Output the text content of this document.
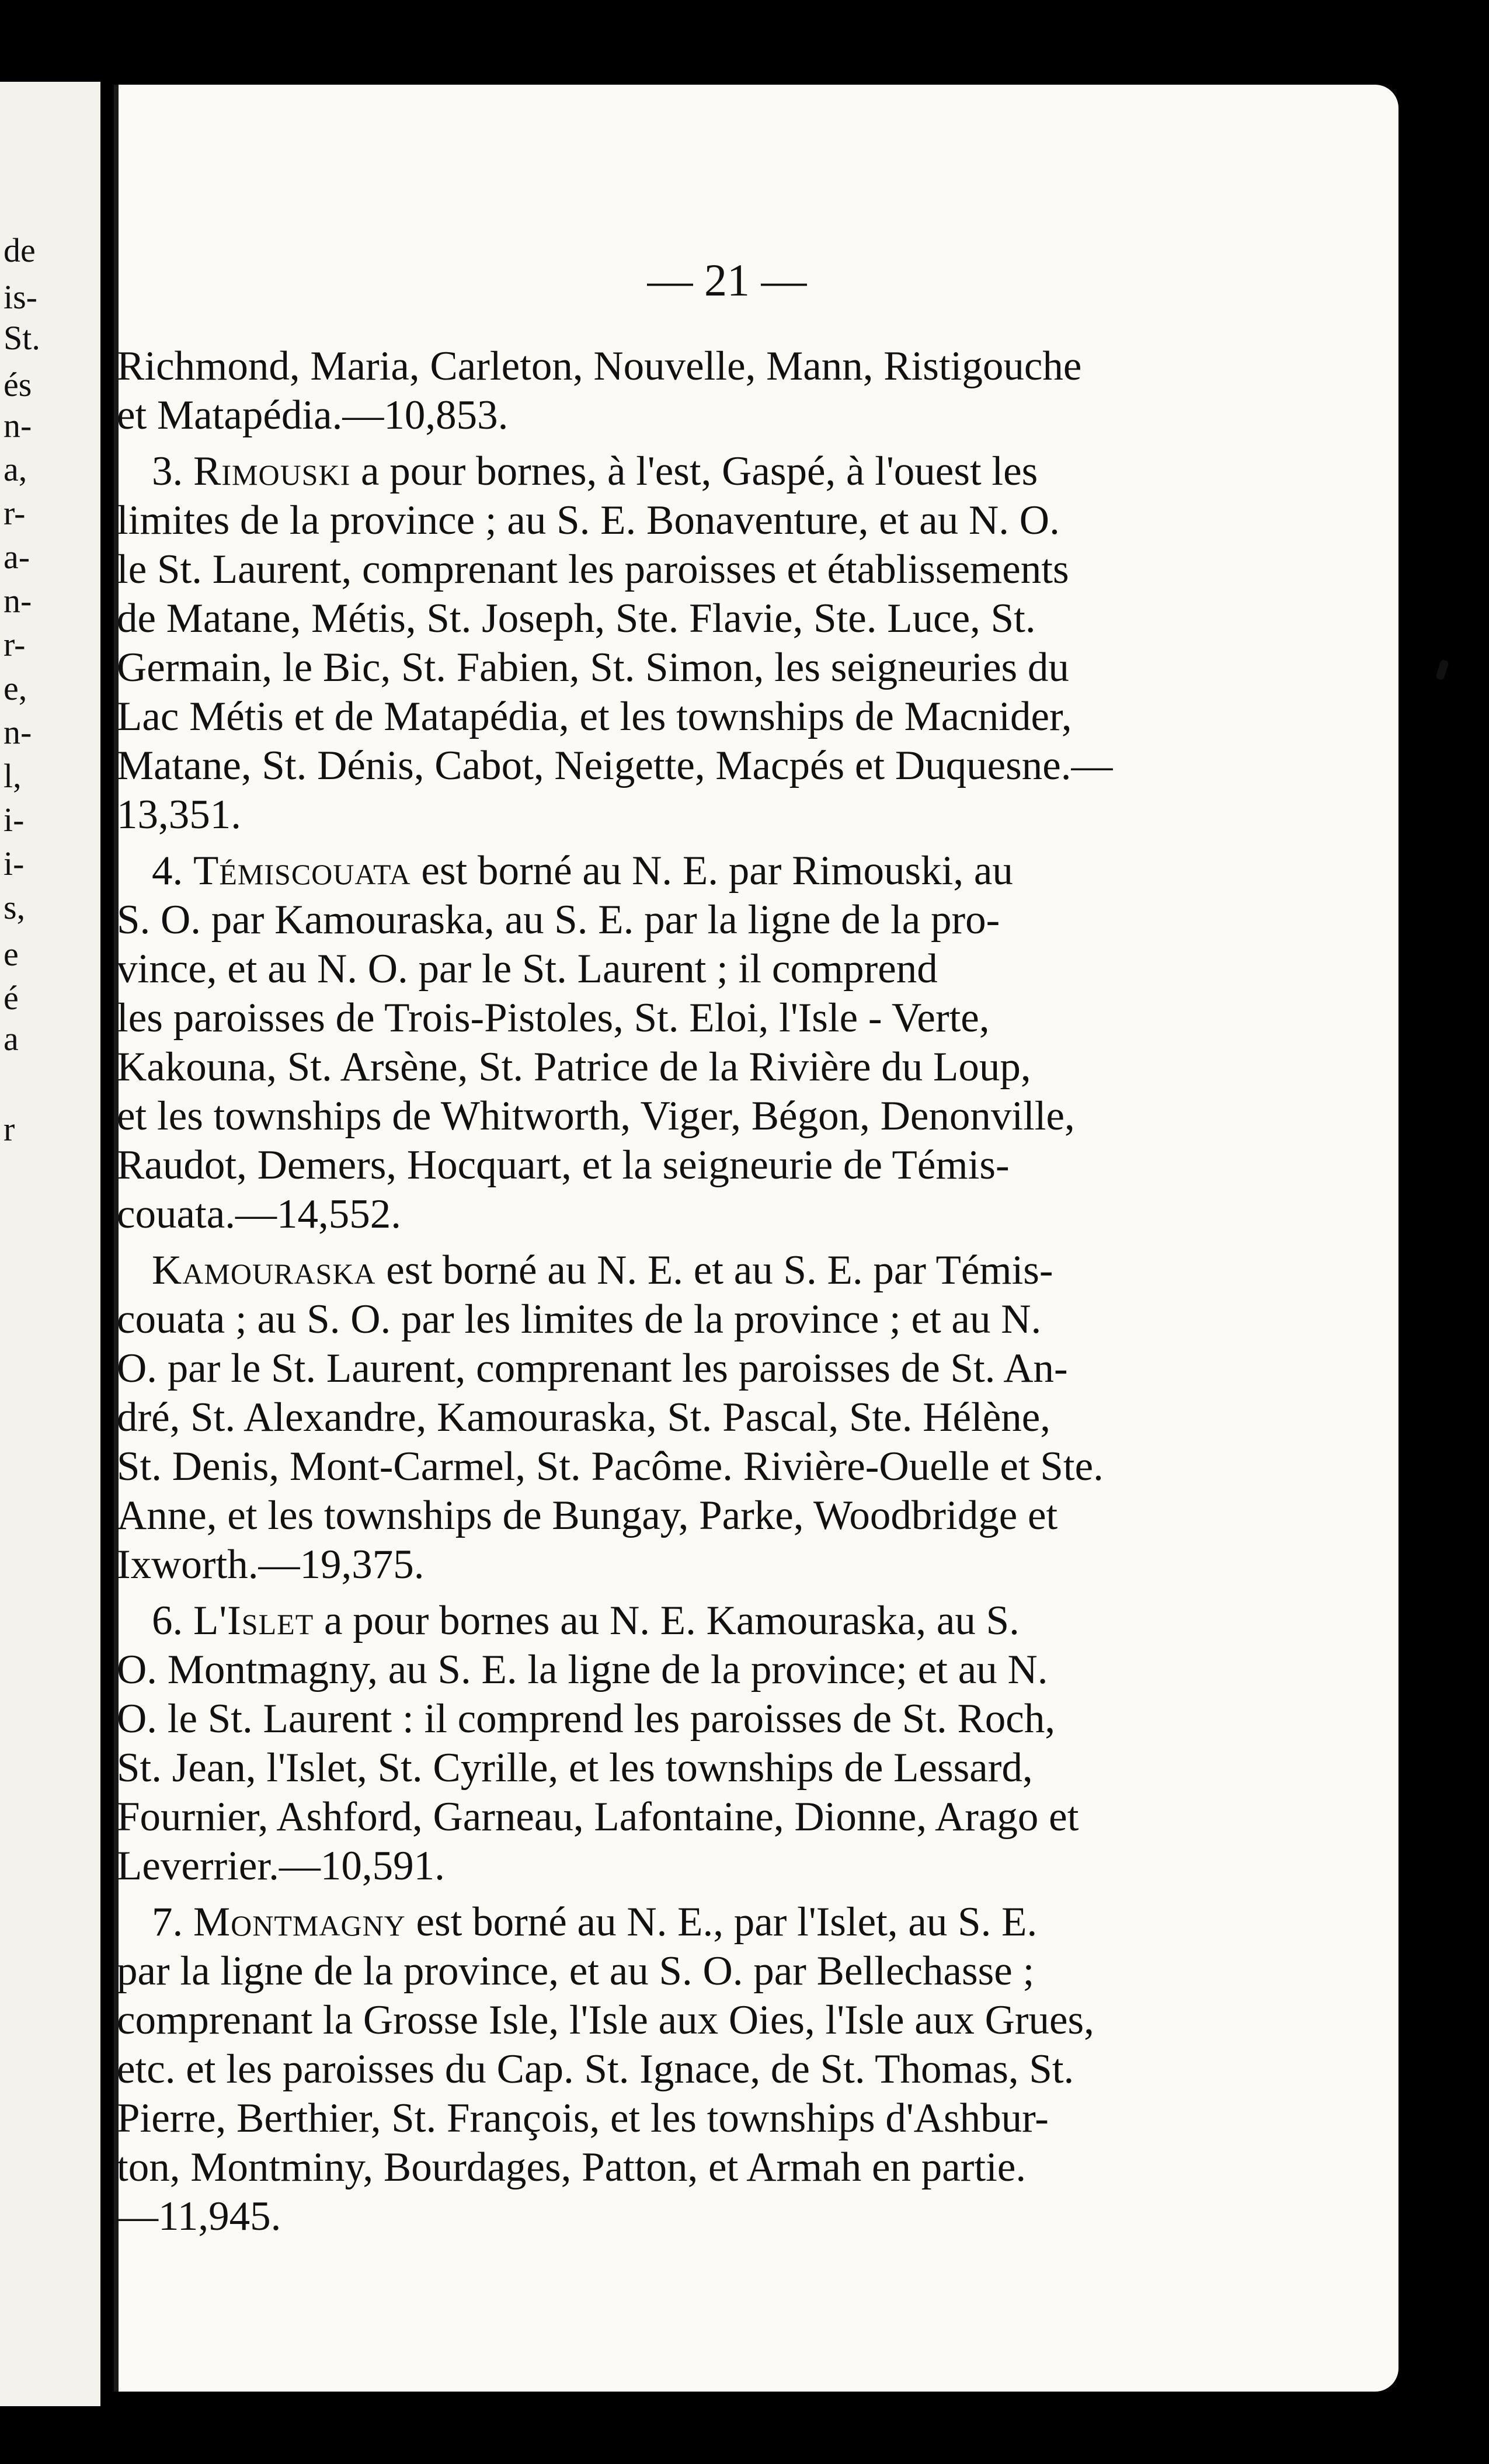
de
is-
St.
és
n-
a,
r-
a-
n-
r-
e,
n-
l,
i-
i-
s,
e
é
a
r
— 21 —
Richmond, Maria, Carleton, Nouvelle, Mann, Ristigouche
et Matapédia.—10,853.
3. Rimouski a pour bornes, à l'est, Gaspé, à l'ouest les
limites de la province ; au S. E. Bonaventure, et au N. O.
le St. Laurent, comprenant les paroisses et établissements
de Matane, Métis, St. Joseph, Ste. Flavie, Ste. Luce, St.
Germain, le Bic, St. Fabien, St. Simon, les seigneuries du
Lac Métis et de Matapédia, et les townships de Macnider,
Matane, St. Dénis, Cabot, Neigette, Macpés et Duquesne.—
13,351.
4. Témiscouata est borné au N. E. par Rimouski, au
S. O. par Kamouraska, au S. E. par la ligne de la pro-
vince, et au N. O. par le St. Laurent ; il comprend
les paroisses de Trois-Pistoles, St. Eloi, l'Isle - Verte,
Kakouna, St. Arsène, St. Patrice de la Rivière du Loup,
et les townships de Whitworth, Viger, Bégon, Denonville,
Raudot, Demers, Hocquart, et la seigneurie de Témis-
couata.—14,552.
Kamouraska est borné au N. E. et au S. E. par Témis-
couata ; au S. O. par les limites de la province ; et au N.
O. par le St. Laurent, comprenant les paroisses de St. An-
dré, St. Alexandre, Kamouraska, St. Pascal, Ste. Hélène,
St. Denis, Mont-Carmel, St. Pacôme. Rivière-Ouelle et Ste.
Anne, et les townships de Bungay, Parke, Woodbridge et
Ixworth.—19,375.
6. L'Islet a pour bornes au N. E. Kamouraska, au S.
O. Montmagny, au S. E. la ligne de la province; et au N.
O. le St. Laurent : il comprend les paroisses de St. Roch,
St. Jean, l'Islet, St. Cyrille, et les townships de Lessard,
Fournier, Ashford, Garneau, Lafontaine, Dionne, Arago et
Leverrier.—10,591.
7. Montmagny est borné au N. E., par l'Islet, au S. E.
par la ligne de la province, et au S. O. par Bellechasse ;
comprenant la Grosse Isle, l'Isle aux Oies, l'Isle aux Grues,
etc. et les paroisses du Cap. St. Ignace, de St. Thomas, St.
Pierre, Berthier, St. François, et les townships d'Ashbur-
ton, Montminy, Bourdages, Patton, et Armah en partie.
—11,945.
